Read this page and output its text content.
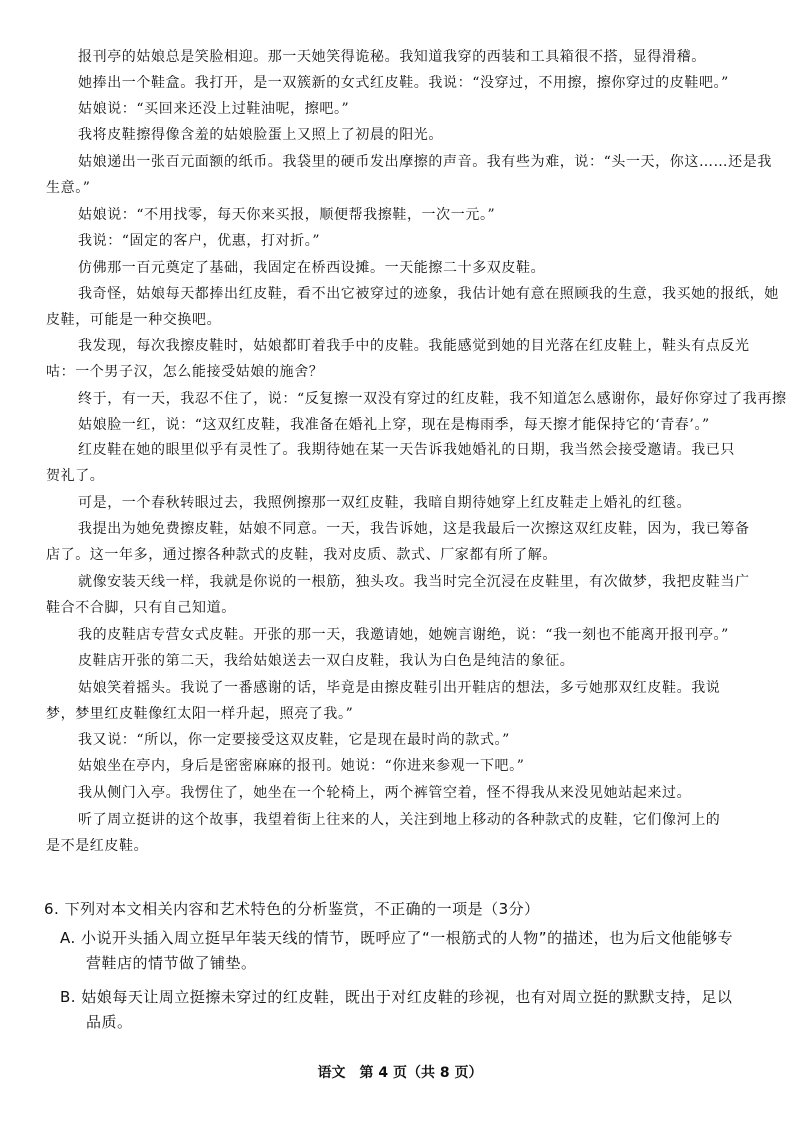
报刊亭的姑娘总是笑脸相迎。那一天她笑得诡秘。我知道我穿的西装和工具箱很不搭，显得滑稽。
她捧出一个鞋盒。我打开，是一双簇新的女式红皮鞋。我说：“没穿过，不用擦，擦你穿过的皮鞋吧。”
姑娘说：“买回来还没上过鞋油呢，擦吧。”
我将皮鞋擦得像含羞的姑娘脸蛋上又照上了初晨的阳光。
姑娘递出一张百元面额的纸币。我袋里的硬币发出摩擦的声音。我有些为难，说：“头一天，你这……还是我
生意。”
姑娘说：“不用找零，每天你来买报，顺便帮我擦鞋，一次一元。”
我说：“固定的客户，优惠，打对折。”
仿佛那一百元奠定了基础，我固定在桥西设摊。一天能擦二十多双皮鞋。
我奇怪，姑娘每天都捧出红皮鞋，看不出它被穿过的迹象，我估计她有意在照顾我的生意，我买她的报纸，她
皮鞋，可能是一种交换吧。
我发现，每次我擦皮鞋时，姑娘都盯着我手中的皮鞋。我能感觉到她的目光落在红皮鞋上，鞋头有点反光
咕：一个男子汉，怎么能接受姑娘的施舍？
终于，有一天，我忍不住了，说：“反复擦一双没有穿过的红皮鞋，我不知道怎么感谢你，最好你穿过了我再擦
姑娘脸一红，说：“这双红皮鞋，我准备在婚礼上穿，现在是梅雨季，每天擦才能保持它的‘青春’。”
红皮鞋在她的眼里似乎有灵性了。我期待她在某一天告诉我她婚礼的日期，我当然会接受邀请。我已只
贺礼了。
可是，一个春秋转眼过去，我照例擦那一双红皮鞋，我暗自期待她穿上红皮鞋走上婚礼的红毯。
我提出为她免费擦皮鞋，姑娘不同意。一天，我告诉她，这是我最后一次擦这双红皮鞋，因为，我已筹备
店了。这一年多，通过擦各种款式的皮鞋，我对皮质、款式、厂家都有所了解。
就像安装天线一样，我就是你说的一根筋，独头攻。我当时完全沉浸在皮鞋里，有次做梦，我把皮鞋当广
鞋合不合脚，只有自己知道。
我的皮鞋店专营女式皮鞋。开张的那一天，我邀请她，她婉言谢绝，说：“我一刻也不能离开报刊亭。”
皮鞋店开张的第二天，我给姑娘送去一双白皮鞋，我认为白色是纯洁的象征。
姑娘笑着摇头。我说了一番感谢的话，毕竟是由擦皮鞋引出开鞋店的想法，多亏她那双红皮鞋。我说
梦，梦里红皮鞋像红太阳一样升起，照亮了我。”
我又说：“所以，你一定要接受这双皮鞋，它是现在最时尚的款式。”
姑娘坐在亭内，身后是密密麻麻的报刊。她说：“你进来参观一下吧。”
我从侧门入亭。我愣住了，她坐在一个轮椅上，两个裤管空着，怪不得我从来没见她站起来过。
听了周立挺讲的这个故事，我望着街上往来的人，关注到地上移动的各种款式的皮鞋，它们像河上的
是不是红皮鞋。
6. 下列对本文相关内容和艺术特色的分析鉴赏，不正确的一项是（3分）
A. 小说开头插入周立挺早年装天线的情节，既呼应了“一根筋式的人物”的描述，也为后文他能够专
营鞋店的情节做了铺垫。
B. 姑娘每天让周立挺擦未穿过的红皮鞋，既出于对红皮鞋的珍视，也有对周立挺的默默支持，足以
品质。
语文　第 4 页（共 8 页）
